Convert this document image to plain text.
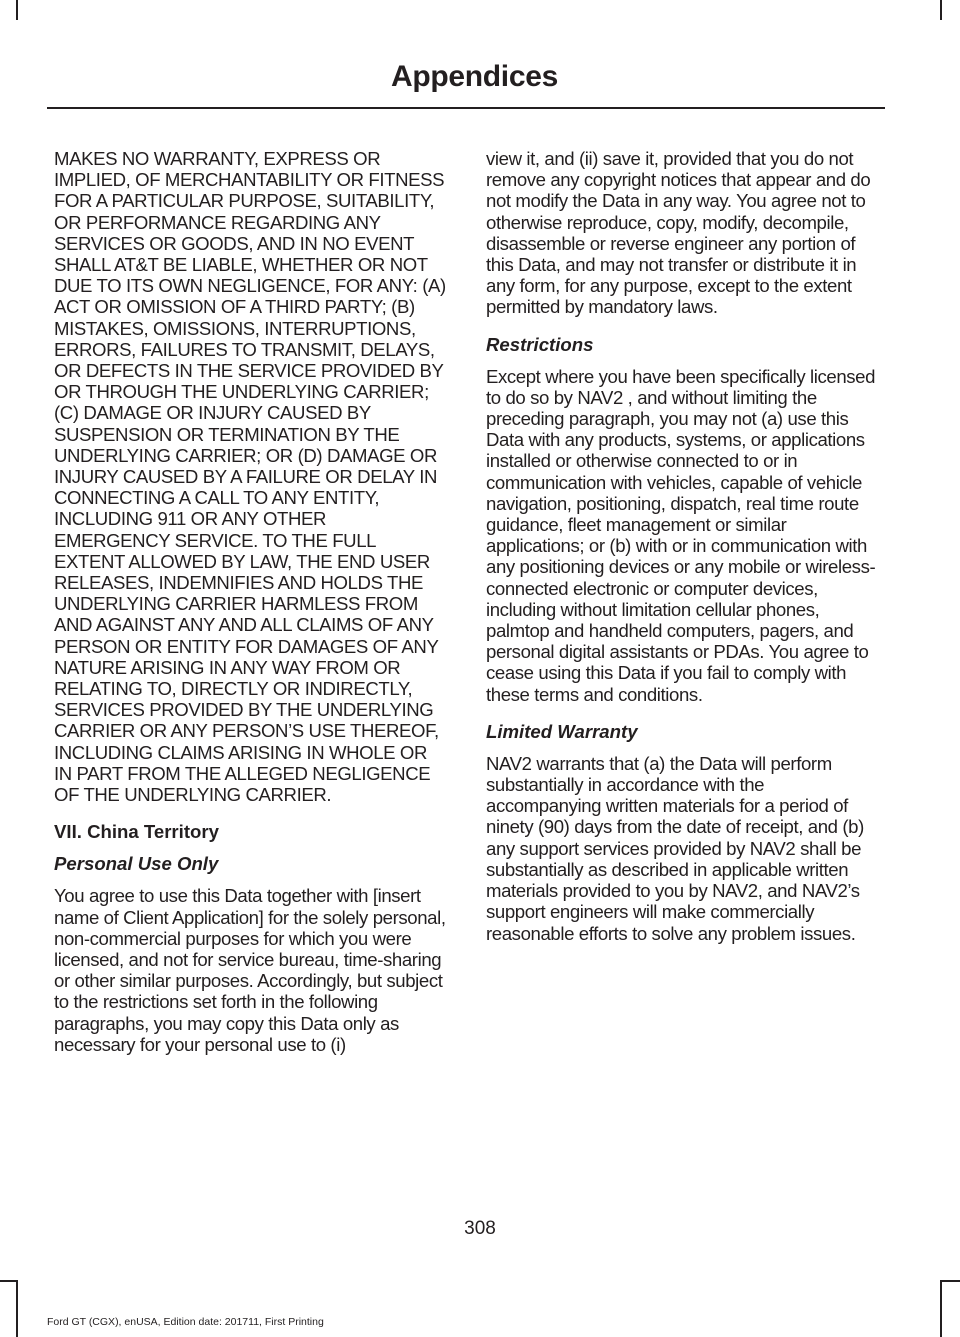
Appendices

MAKES NO WARRANTY, EXPRESS OR IMPLIED, OF MERCHANTABILITY OR FITNESS FOR A PARTICULAR PURPOSE, SUITABILITY, OR PERFORMANCE REGARDING ANY SERVICES OR GOODS, AND IN NO EVENT SHALL AT&T BE LIABLE, WHETHER OR NOT DUE TO ITS OWN NEGLIGENCE, FOR ANY: (A) ACT OR OMISSION OF A THIRD PARTY; (B) MISTAKES, OMISSIONS, INTERRUPTIONS, ERRORS, FAILURES TO TRANSMIT, DELAYS, OR DEFECTS IN THE SERVICE PROVIDED BY OR THROUGH THE UNDERLYING CARRIER; (C) DAMAGE OR INJURY CAUSED BY SUSPENSION OR TERMINATION BY THE UNDERLYING CARRIER; OR (D) DAMAGE OR INJURY CAUSED BY A FAILURE OR DELAY IN CONNECTING A CALL TO ANY ENTITY, INCLUDING 911 OR ANY OTHER EMERGENCY SERVICE. TO THE FULL EXTENT ALLOWED BY LAW, THE END USER RELEASES, INDEMNIFIES AND HOLDS THE UNDERLYING CARRIER HARMLESS FROM AND AGAINST ANY AND ALL CLAIMS OF ANY PERSON OR ENTITY FOR DAMAGES OF ANY NATURE ARISING IN ANY WAY FROM OR RELATING TO, DIRECTLY OR INDIRECTLY, SERVICES PROVIDED BY THE UNDERLYING CARRIER OR ANY PERSON’S USE THEREOF, INCLUDING CLAIMS ARISING IN WHOLE OR IN PART FROM THE ALLEGED NEGLIGENCE OF THE UNDERLYING CARRIER.

VII. China Territory
Personal Use Only

You agree to use this Data together with [insert name of Client Application] for the solely personal, non-commercial purposes for which you were licensed, and not for service bureau, time-sharing or other similar purposes. Accordingly, but subject to the restrictions set forth in the following paragraphs, you may copy this Data only as necessary for your personal use to (i)

view it, and (ii) save it, provided that you do not remove any copyright notices that appear and do not modify the Data in any way. You agree not to otherwise reproduce, copy, modify, decompile, disassemble or reverse engineer any portion of this Data, and may not transfer or distribute it in any form, for any purpose, except to the extent permitted by mandatory laws.

Restrictions

Except where you have been specifically licensed to do so by NAV2 , and without limiting the preceding paragraph, you may not (a) use this Data with any products, systems, or applications installed or otherwise connected to or in communication with vehicles, capable of vehicle navigation, positioning, dispatch, real time route guidance, fleet management or similar applications; or (b) with or in communication with any positioning devices or any mobile or wireless-connected electronic or computer devices, including without limitation cellular phones, palmtop and handheld computers, pagers, and personal digital assistants or PDAs. You agree to cease using this Data if you fail to comply with these terms and conditions.

Limited Warranty

NAV2 warrants that (a) the Data will perform substantially in accordance with the accompanying written materials for a period of ninety (90) days from the date of receipt, and (b) any support services provided by NAV2 shall be substantially as described in applicable written materials provided to you by NAV2, and NAV2’s support engineers will make commercially reasonable efforts to solve any problem issues.

308
Ford GT (CGX), enUSA, Edition date: 201711, First Printing
